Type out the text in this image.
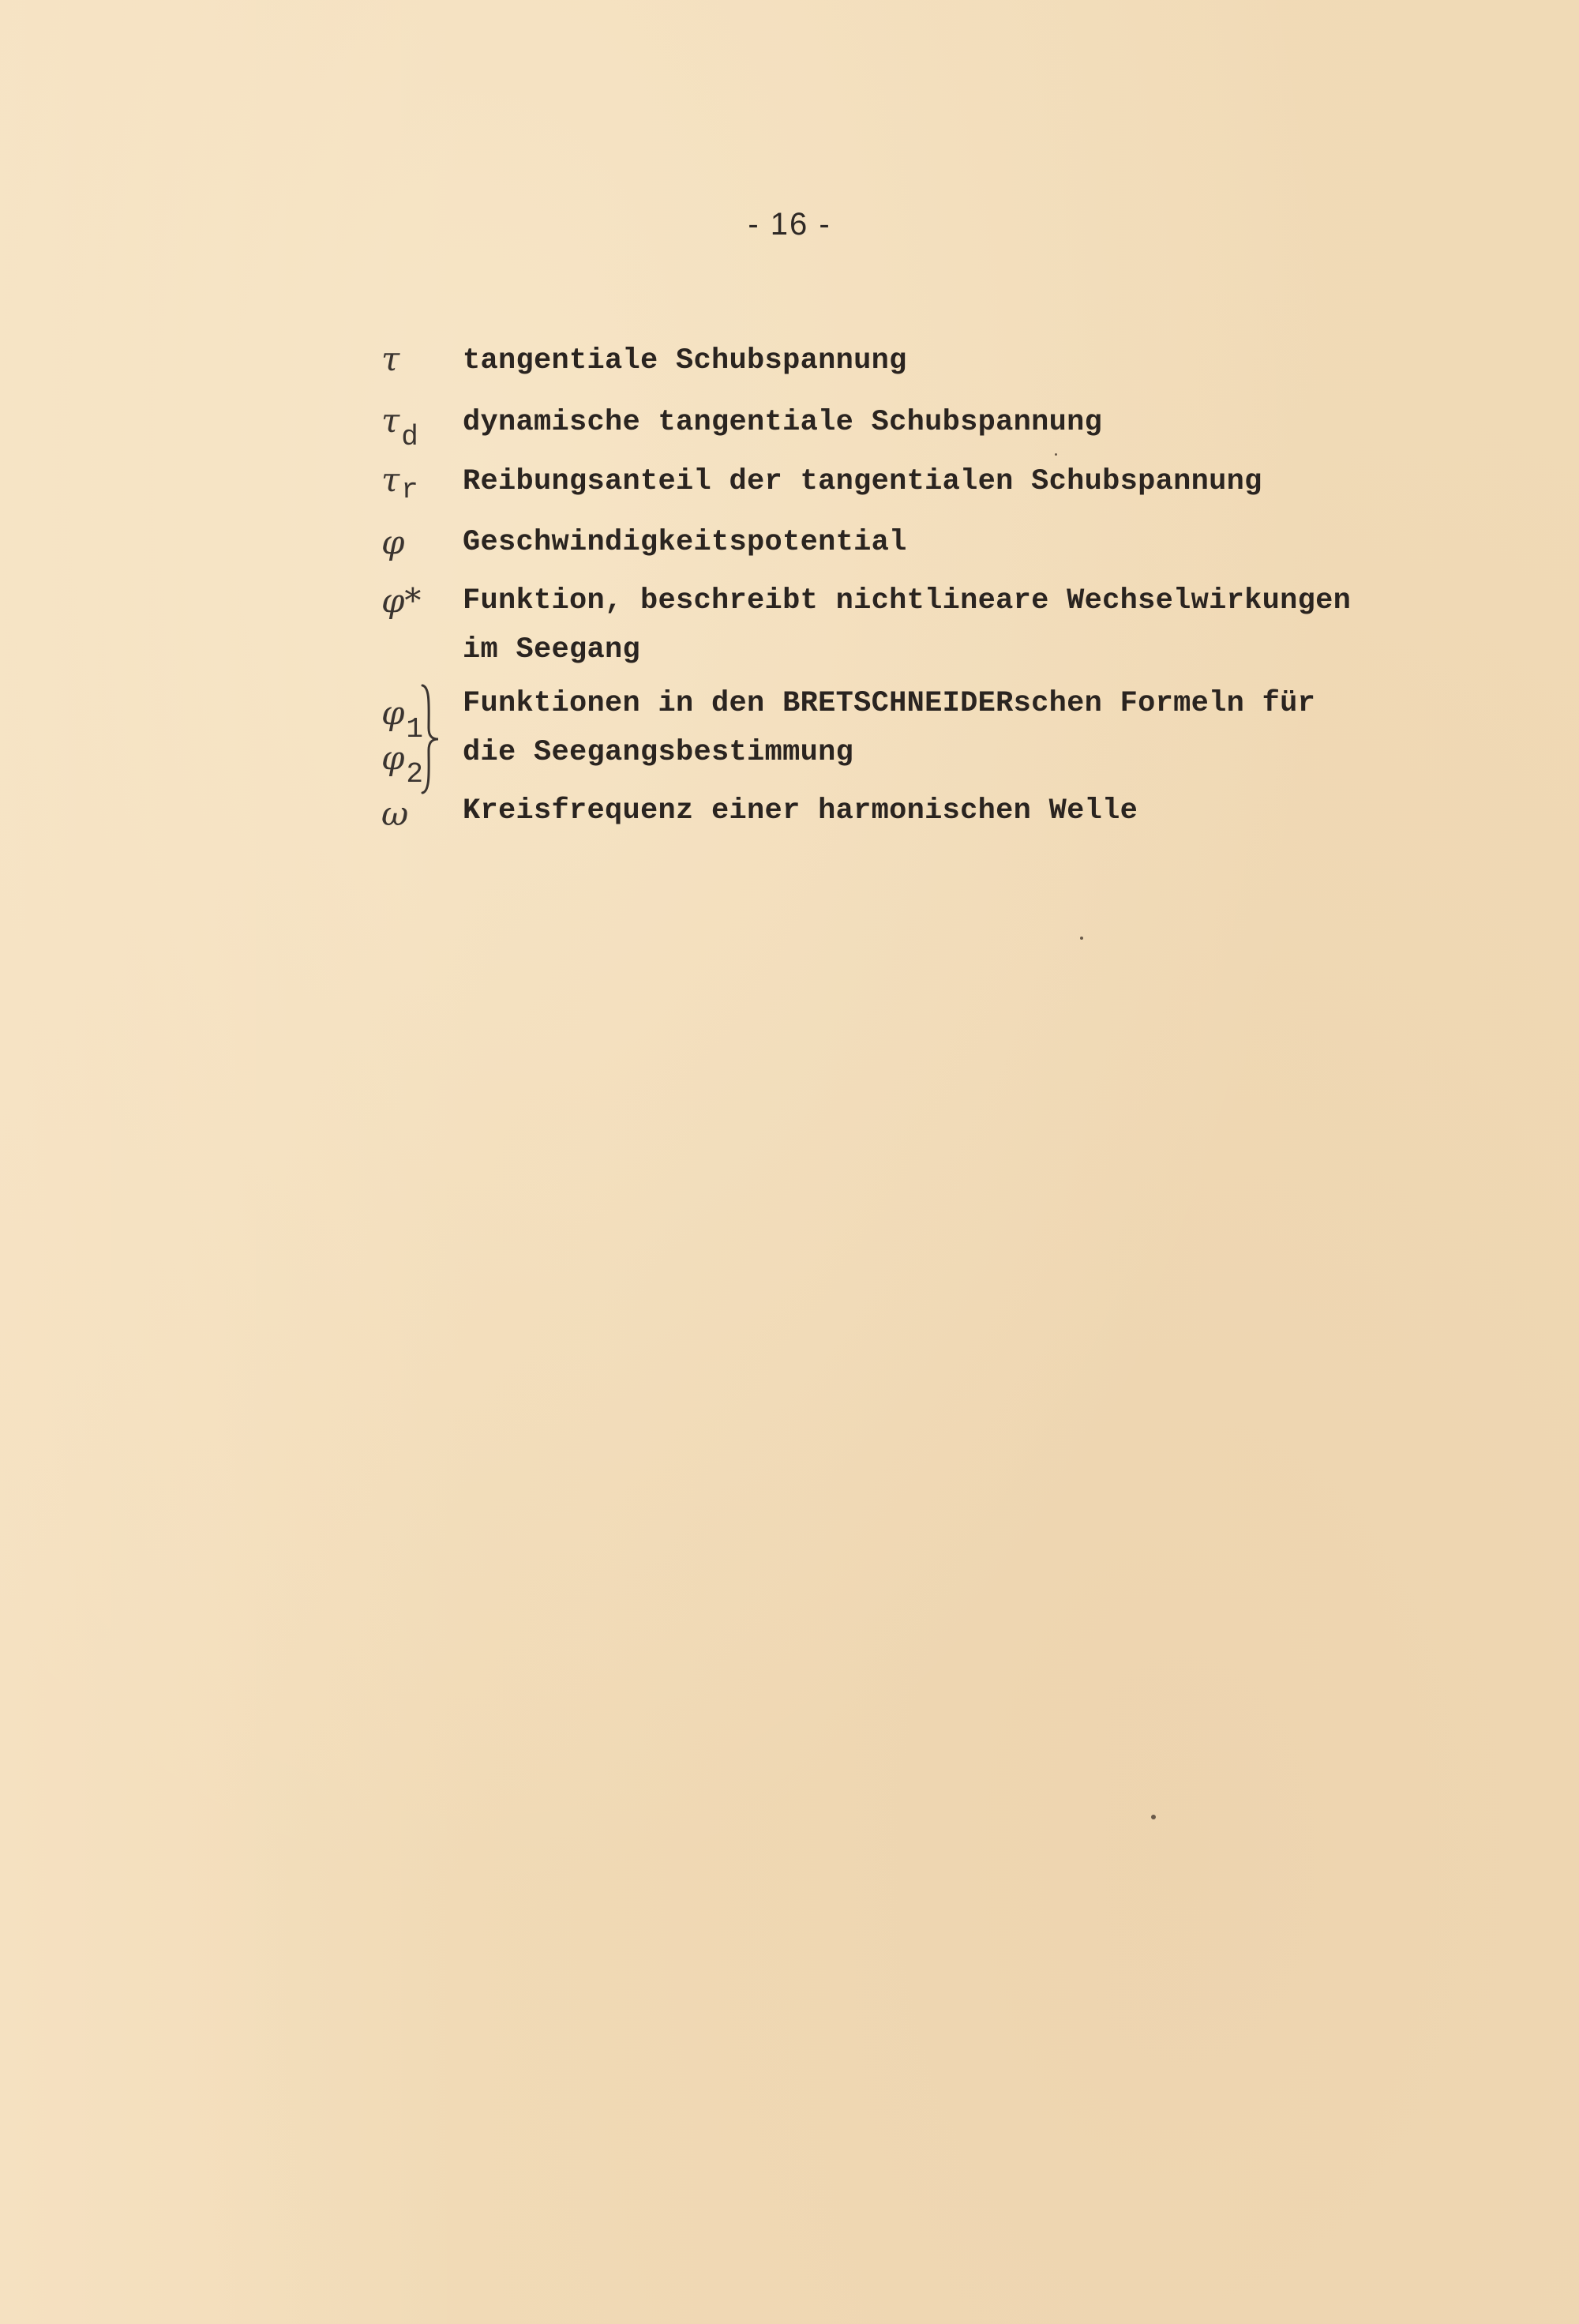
- 16 -
τ tangentiale Schubspannung
τd dynamische tangentiale Schubspannung
τr Reibungsanteil der tangentialen Schubspannung
φ Geschwindigkeitspotential
φ* Funktion, beschreibt nichtlineare Wechselwirkungen
im Seegang
φ1
Funktionen in den BRETSCHNEIDERschen Formeln für
φ2
die Seegangsbestimmung
ω Kreisfrequenz einer harmonischen Welle
